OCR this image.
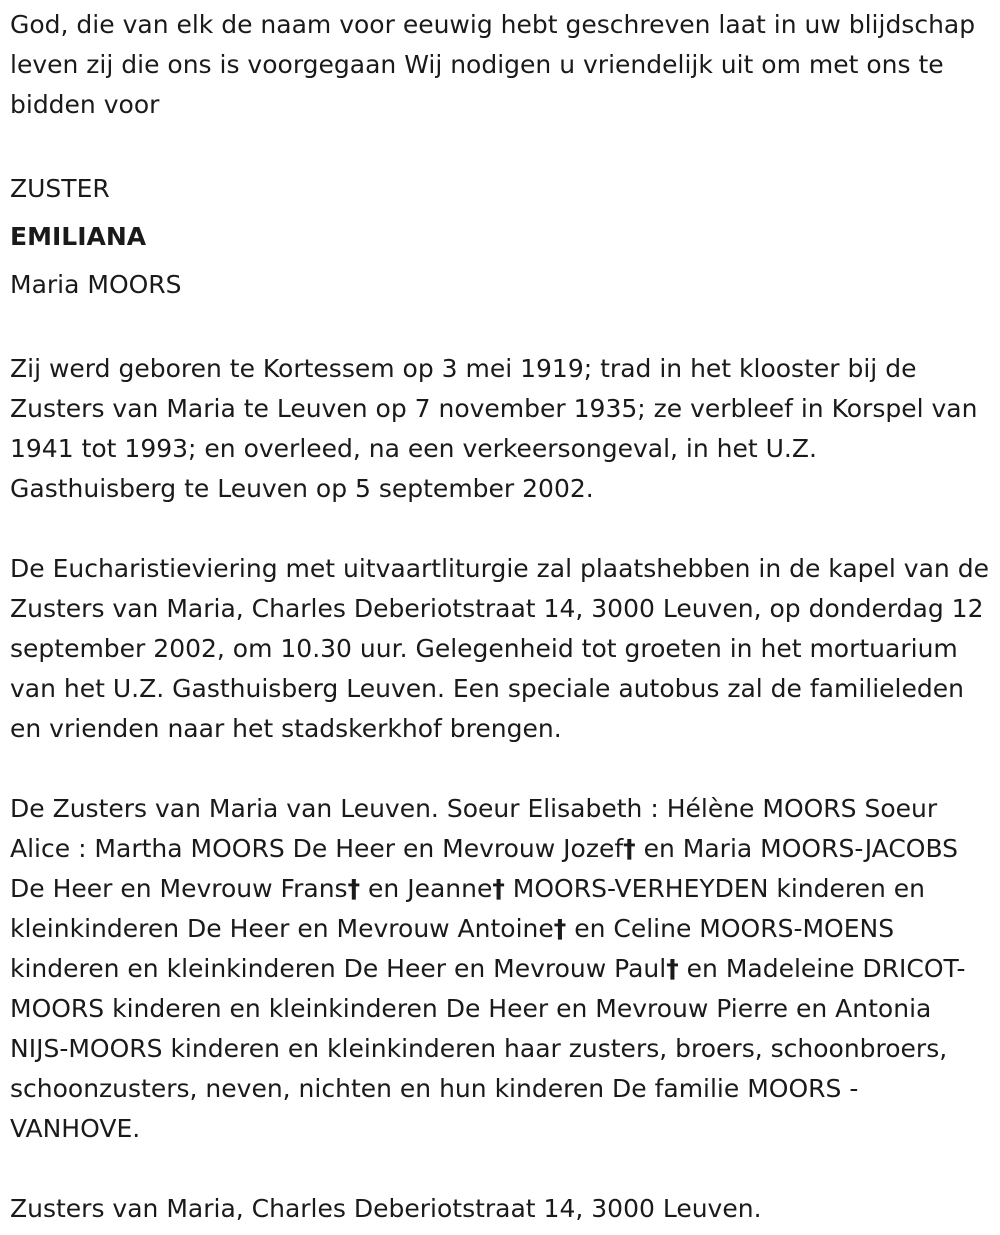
God, die van elk de naam voor eeuwig hebt geschreven laat in uw blijdschap leven zij die ons is voorgegaan Wij nodigen u vriendelijk uit om met ons te bidden voor

ZUSTER

EMILIANA

Maria MOORS

Zij werd geboren te Kortessem op 3 mei 1919; trad in het klooster bij de Zusters van Maria te Leuven op 7 november 1935; ze verbleef in Korspel van 1941 tot 1993; en overleed, na een verkeersongeval, in het U.Z. Gasthuisberg te Leuven op 5 september 2002.

De Eucharistieviering met uitvaartliturgie zal plaatshebben in de kapel van de Zusters van Maria, Charles Deberiotstraat 14, 3000 Leuven, op donderdag 12 september 2002, om 10.30 uur. Gelegenheid tot groeten in het mortuarium van het U.Z. Gasthuisberg Leuven. Een speciale autobus zal de familieleden en vrienden naar het stadskerkhof brengen.

De Zusters van Maria van Leuven. Soeur Elisabeth : Hélène MOORS Soeur Alice : Martha MOORS De Heer en Mevrouw Jozef† en Maria MOORS-JACOBS De Heer en Mevrouw Frans† en Jeanne† MOORS-VERHEYDEN kinderen en kleinkinderen De Heer en Mevrouw Antoine† en Celine MOORS-MOENS kinderen en kleinkinderen De Heer en Mevrouw Paul† en Madeleine DRICOT-MOORS kinderen en kleinkinderen De Heer en Mevrouw Pierre en Antonia NIJS-MOORS kinderen en kleinkinderen haar zusters, broers, schoonbroers, schoonzusters, neven, nichten en hun kinderen De familie MOORS - VANHOVE.

Zusters van Maria, Charles Deberiotstraat 14, 3000 Leuven.
